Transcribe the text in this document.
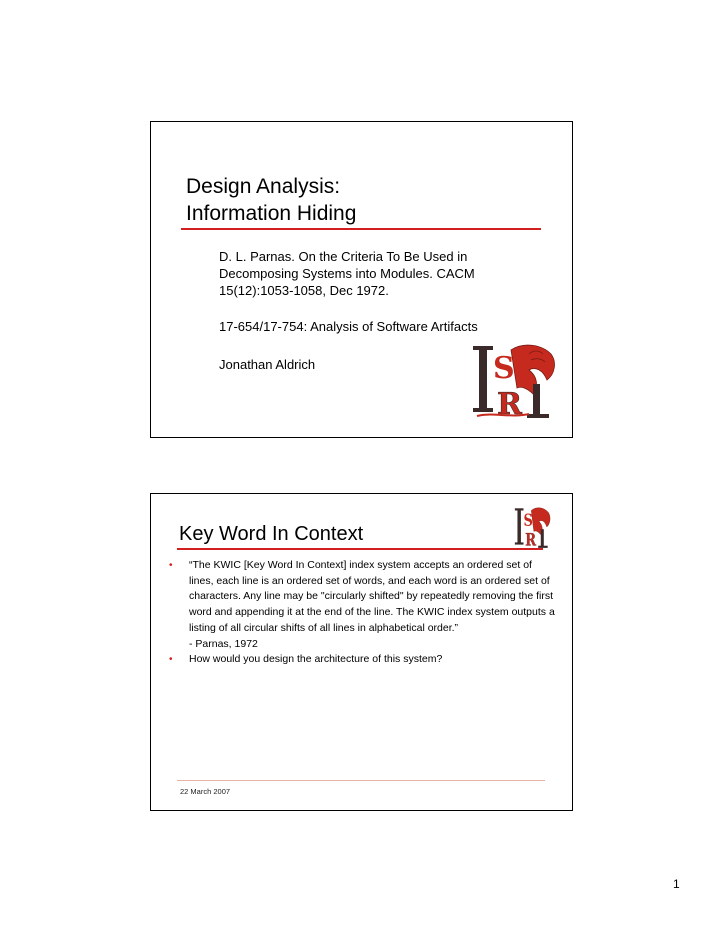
Design Analysis:
Information Hiding
D. L. Parnas. On the Criteria To Be Used in Decomposing Systems into Modules. CACM 15(12):1053-1058, Dec 1972.
17-654/17-754: Analysis of Software Artifacts
Jonathan Aldrich	S
R
Key Word In Context
S
R
• “The KWIC [Key Word In Context] index system accepts an ordered set of lines, each line is an ordered set of words, and each word is an ordered set of characters. Any line may be "circularly shifted" by repeatedly removing the first word and appending it at the end of the line. The KWIC index system outputs a listing of all circular shifts of all lines in alphabetical order.”
- Parnas, 1972
• How would you design the architecture of this system?
22 March 2007
1
